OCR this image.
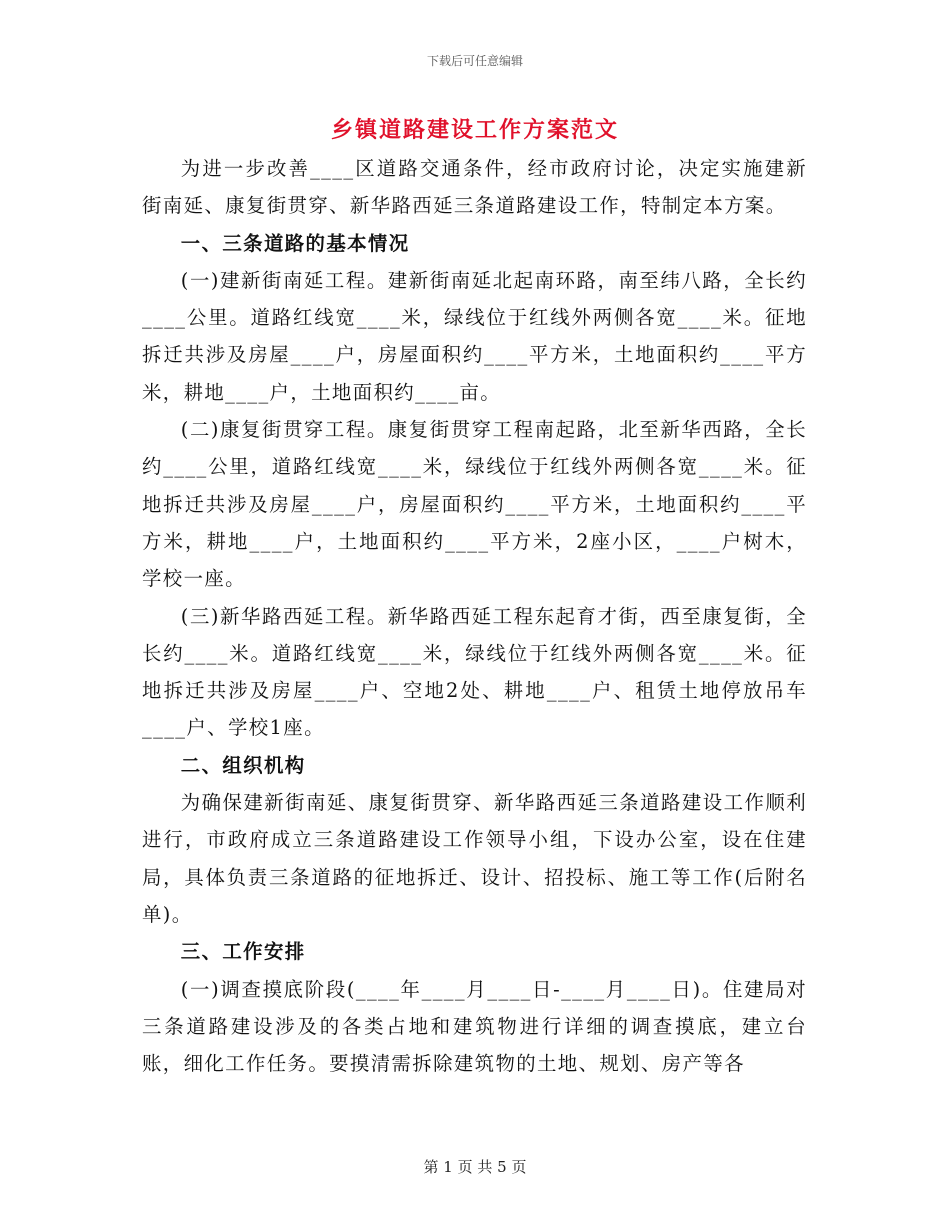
下载后可任意编辑
乡镇道路建设工作方案范文

为进一步改善____区道路交通条件，经市政府讨论，决定实施建新街南延、康复街贯穿、新华路西延三条道路建设工作，特制定本方案。

一、三条道路的基本情况

(一)建新街南延工程。建新街南延北起南环路，南至纬八路，全长约____公里。道路红线宽____米，绿线位于红线外两侧各宽____米。征地拆迁共涉及房屋____户，房屋面积约____平方米，土地面积约____平方米，耕地____户，土地面积约____亩。

(二)康复街贯穿工程。康复街贯穿工程南起路，北至新华西路，全长约____公里，道路红线宽____米，绿线位于红线外两侧各宽____米。征地拆迁共涉及房屋____户，房屋面积约____平方米，土地面积约____平方米，耕地____户，土地面积约____平方米，2座小区，____户树木，学校一座。

(三)新华路西延工程。新华路西延工程东起育才街，西至康复街，全长约____米。道路红线宽____米，绿线位于红线外两侧各宽____米。征地拆迁共涉及房屋____户、空地2处、耕地____户、租赁土地停放吊车____户、学校1座。

二、组织机构

为确保建新街南延、康复街贯穿、新华路西延三条道路建设工作顺利进行，市政府成立三条道路建设工作领导小组，下设办公室，设在住建局，具体负责三条道路的征地拆迁、设计、招投标、施工等工作(后附名单)。

三、工作安排

(一)调查摸底阶段(____年____月____日-____月____日)。住建局对三条道路建设涉及的各类占地和建筑物进行详细的调查摸底，建立台账，细化工作任务。要摸清需拆除建筑物的土地、规划、房产等各

第 1 页 共 5 页
